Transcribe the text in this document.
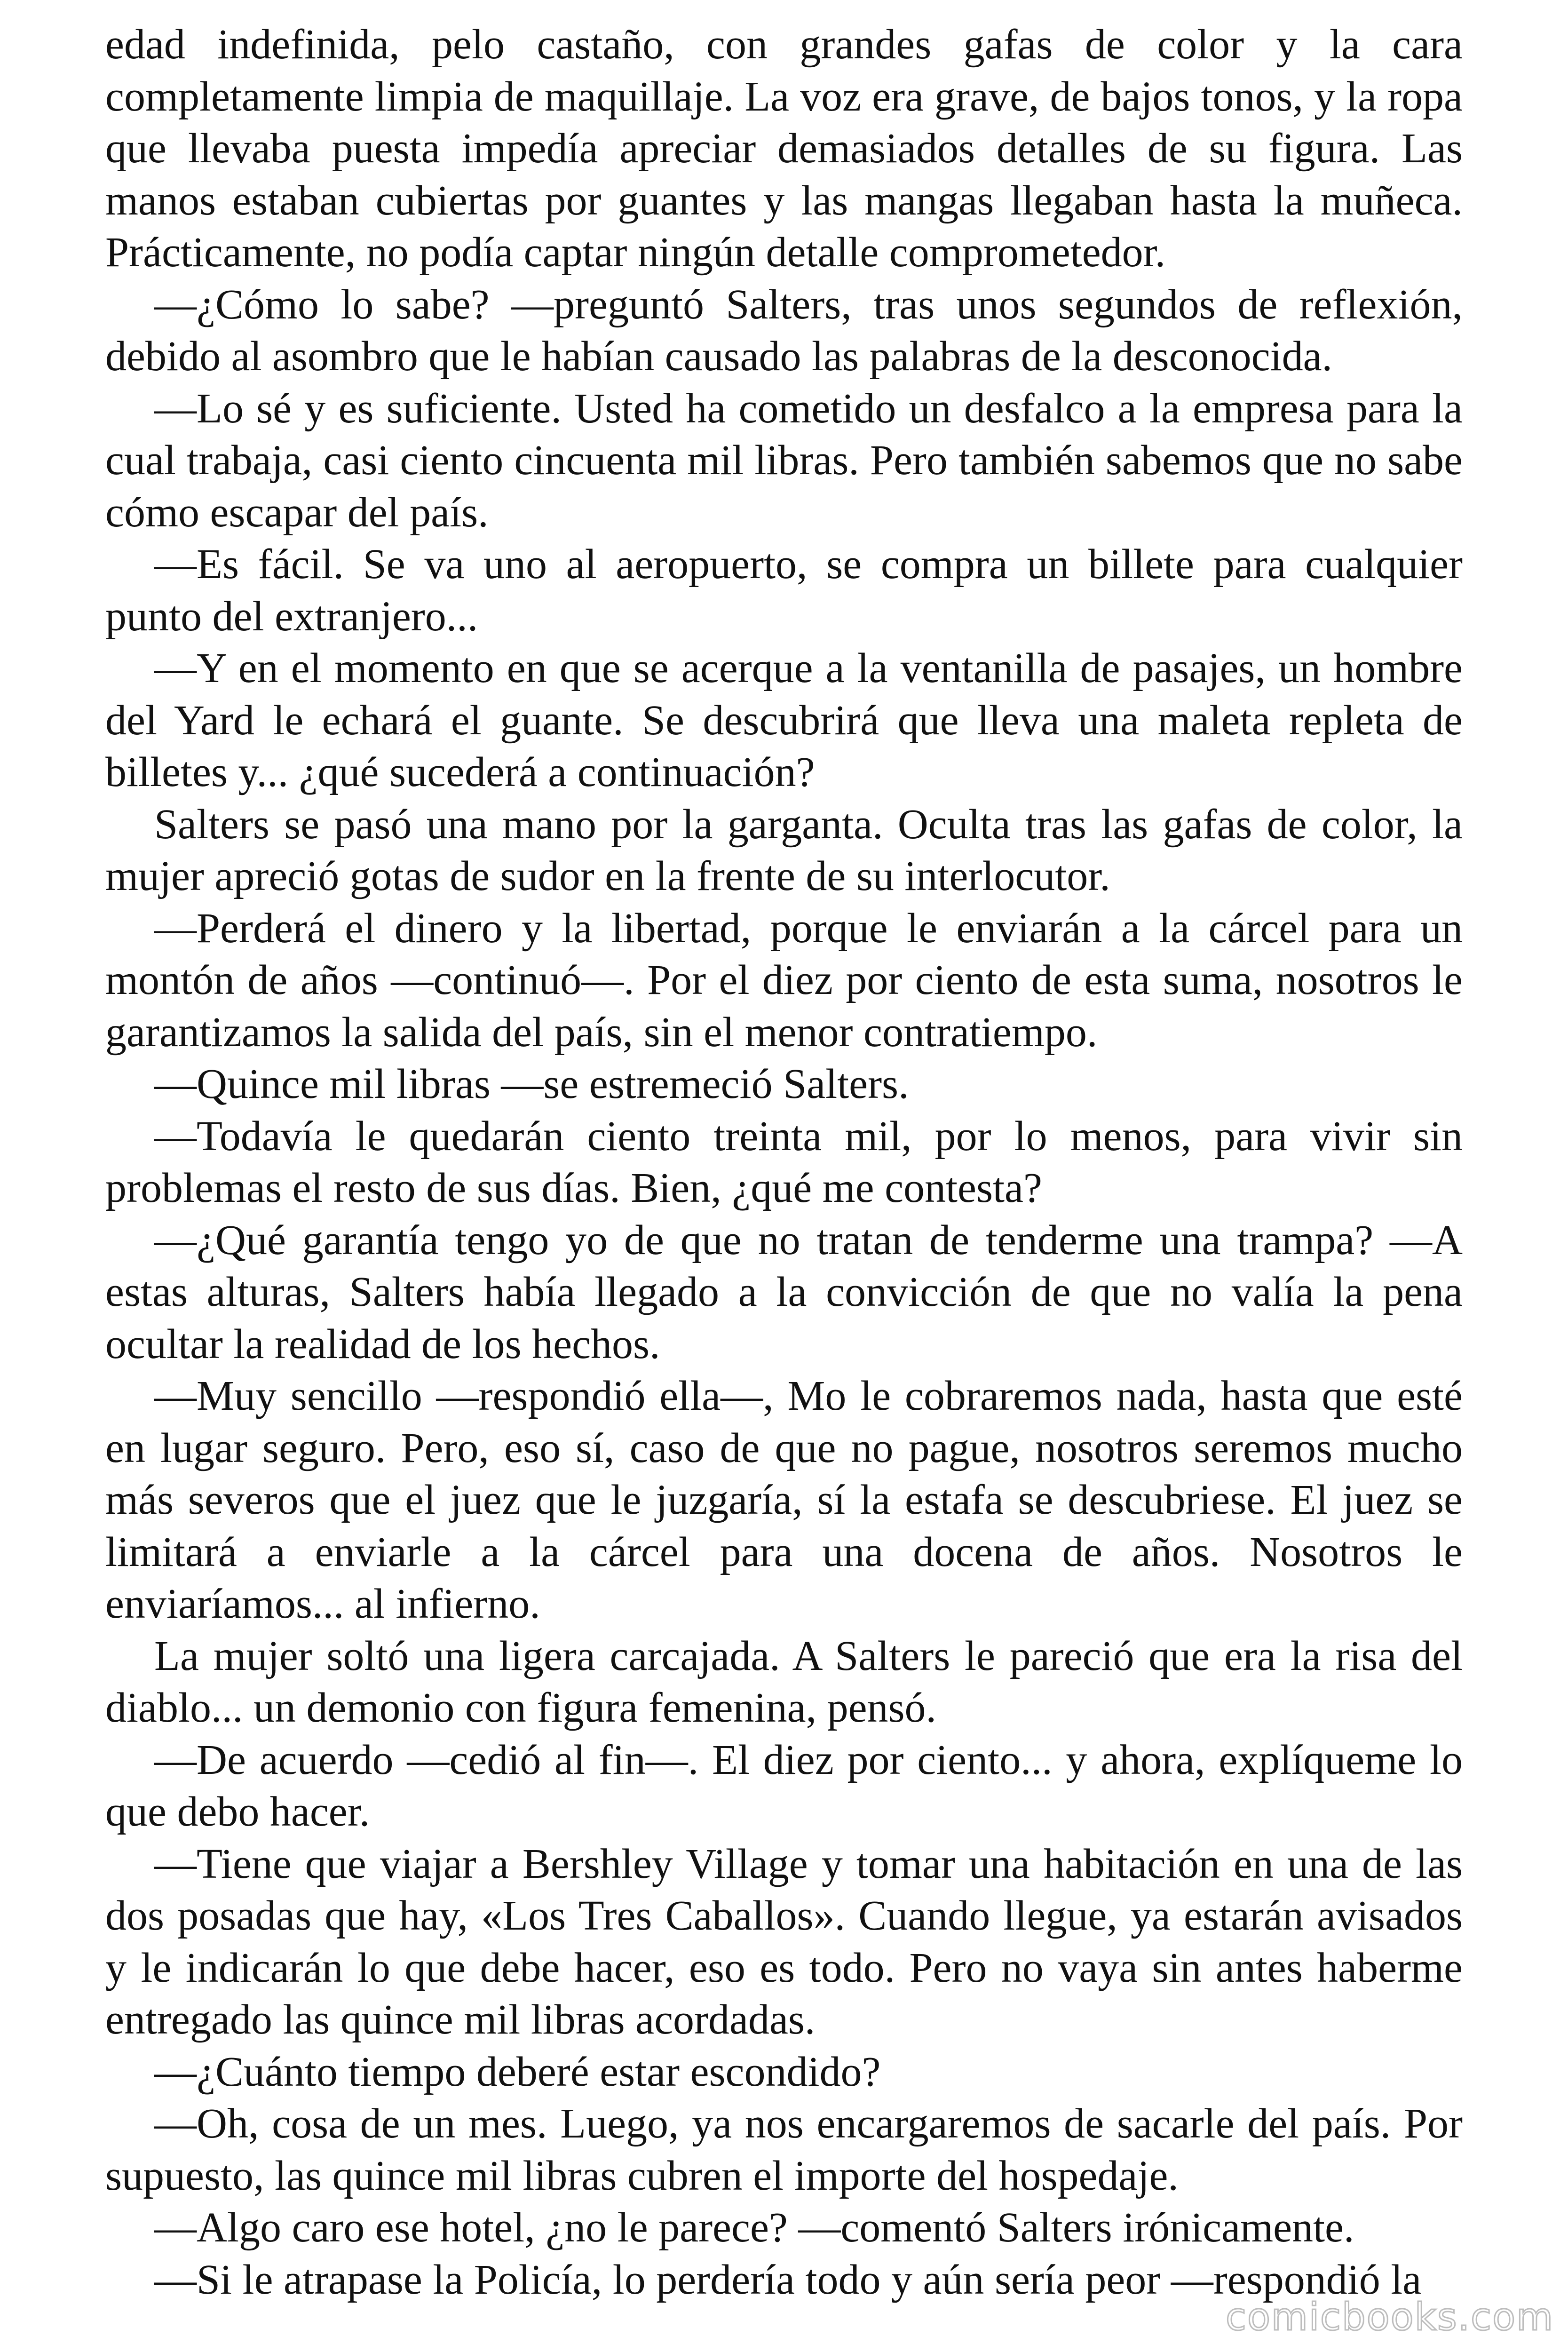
edad indefinida, pelo castaño, con grandes gafas de color y la cara completamente limpia de maquillaje. La voz era grave, de bajos tonos, y la ropa que llevaba puesta impedía apreciar demasiados detalles de su figura. Las manos estaban cubiertas por guantes y las mangas llegaban hasta la muñeca. Prácticamente, no podía captar ningún detalle comprometedor.

—¿Cómo lo sabe? —preguntó Salters, tras unos segundos de reflexión, debido al asombro que le habían causado las palabras de la desconocida.

—Lo sé y es suficiente. Usted ha cometido un desfalco a la empresa para la cual trabaja, casi ciento cincuenta mil libras. Pero también sabemos que no sabe cómo escapar del país.

—Es fácil. Se va uno al aeropuerto, se compra un billete para cualquier punto del extranjero...

—Y en el momento en que se acerque a la ventanilla de pasajes, un hombre del Yard le echará el guante. Se descubrirá que lleva una maleta repleta de billetes y... ¿qué sucederá a continuación?

Salters se pasó una mano por la garganta. Oculta tras las gafas de color, la mujer apreció gotas de sudor en la frente de su interlocutor.

—Perderá el dinero y la libertad, porque le enviarán a la cárcel para un montón de años —continuó—. Por el diez por ciento de esta suma, nosotros le garantizamos la salida del país, sin el menor contratiempo.

—Quince mil libras —se estremeció Salters.

—Todavía le quedarán ciento treinta mil, por lo menos, para vivir sin problemas el resto de sus días. Bien, ¿qué me contesta?

—¿Qué garantía tengo yo de que no tratan de tenderme una trampa? —A estas alturas, Salters había llegado a la convicción de que no valía la pena ocultar la realidad de los hechos.

—Muy sencillo —respondió ella—, Mo le cobraremos nada, hasta que esté en lugar seguro. Pero, eso sí, caso de que no pague, nosotros seremos mucho más severos que el juez que le juzgaría, sí la estafa se descubriese. El juez se limitará a enviarle a la cárcel para una docena de años. Nosotros le enviaríamos... al infierno.

La mujer soltó una ligera carcajada. A Salters le pareció que era la risa del diablo... un demonio con figura femenina, pensó.

—De acuerdo —cedió al fin—. El diez por ciento... y ahora, explíqueme lo que debo hacer.

—Tiene que viajar a Bershley Village y tomar una habitación en una de las dos posadas que hay, «Los Tres Caballos». Cuando llegue, ya estarán avisados y le indicarán lo que debe hacer, eso es todo. Pero no vaya sin antes haberme entregado las quince mil libras acordadas.

—¿Cuánto tiempo deberé estar escondido?

—Oh, cosa de un mes. Luego, ya nos encargaremos de sacarle del país. Por supuesto, las quince mil libras cubren el importe del hospedaje.

—Algo caro ese hotel, ¿no le parece? —comentó Salters irónicamente.

—Si le atrapase la Policía, lo perdería todo y aún sería peor —respondió la

comicbooks.com
